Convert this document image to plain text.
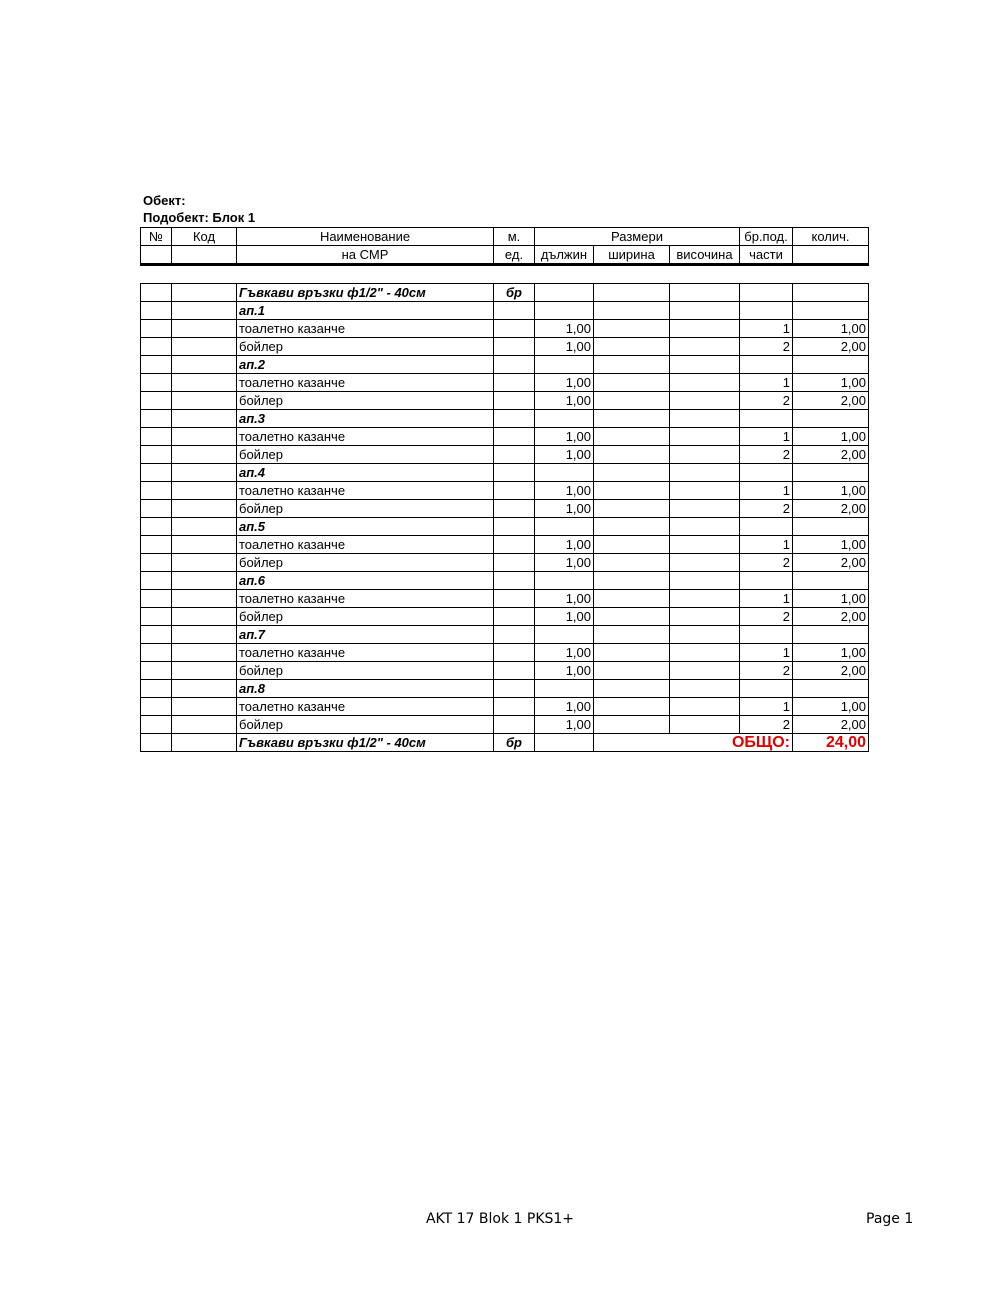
Обект:
Подобект: Блок 1
№	Код	Наименование	м.	Размери			бр.под.	колич.
		на СМР	ед.	дължин	ширина	височина	части	
		Гъвкави връзки ф1/2" - 40см	бр					
		ап.1						
		тоалетно казанче		1,00			1	1,00
		бойлер		1,00			2	2,00
		ап.2						
		тоалетно казанче		1,00			1	1,00
		бойлер		1,00			2	2,00
		ап.3						
		тоалетно казанче		1,00			1	1,00
		бойлер		1,00			2	2,00
		ап.4						
		тоалетно казанче		1,00			1	1,00
		бойлер		1,00			2	2,00
		ап.5						
		тоалетно казанче		1,00			1	1,00
		бойлер		1,00			2	2,00
		ап.6						
		тоалетно казанче		1,00			1	1,00
		бойлер		1,00			2	2,00
		ап.7						
		тоалетно казанче		1,00			1	1,00
		бойлер		1,00			2	2,00
		ап.8						
		тоалетно казанче		1,00			1	1,00
		бойлер		1,00			2	2,00
		Гъвкави връзки ф1/2" - 40см	бр		ОБЩО:			24,00
AKT 17 Blok 1 PKS1+	Page 1
